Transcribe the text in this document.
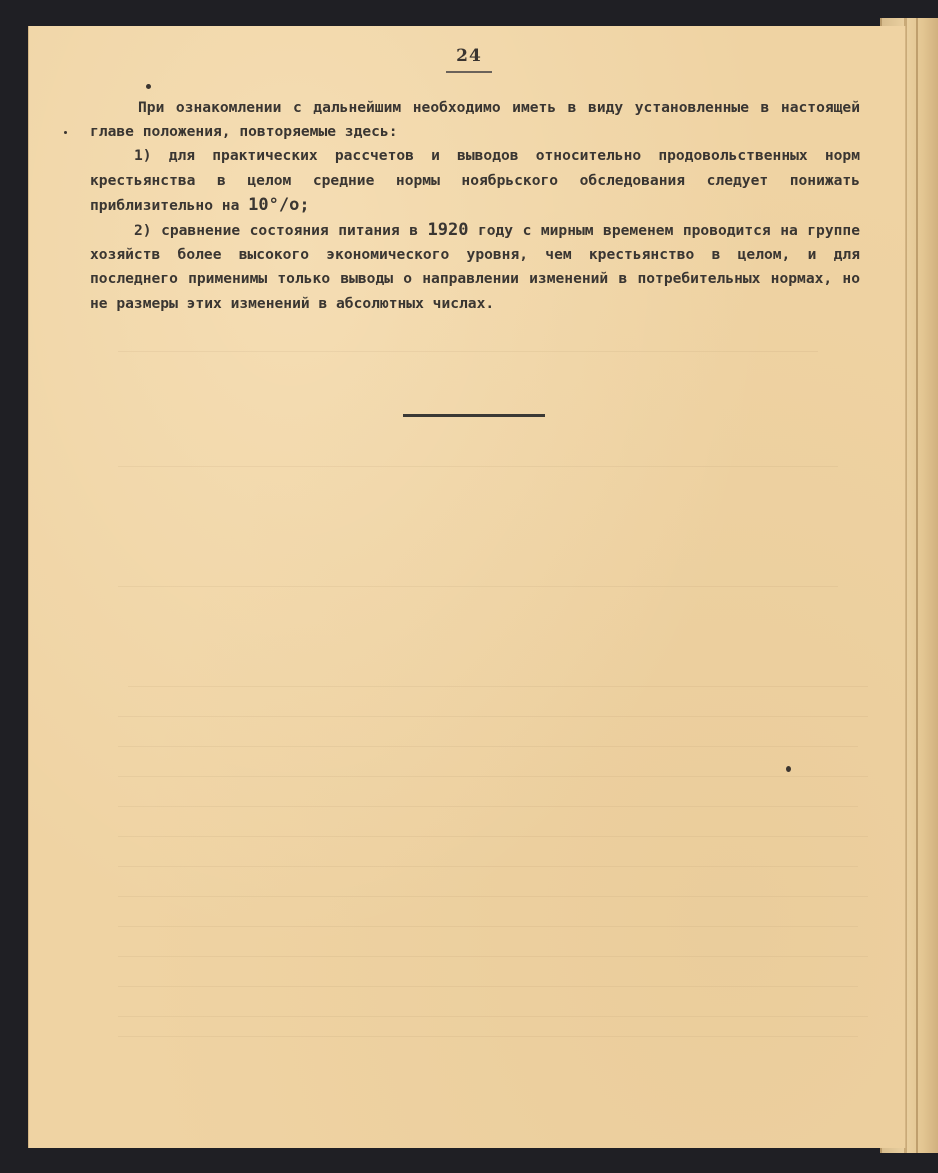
24

При ознакомлении с дальнейшим необходимо иметь в виду установленные в настоящей главе положения, повторяемые здесь:

1) для практических рассчетов и выводов относительно продовольственных норм крестьянства в целом средние нормы ноябрьского обследования следует понижать приблизительно на 10°/о;

2) сравнение состояния питания в 1920 году с мирным временем проводится на группе хозяйств более высокого экономического уровня, чем крестьянство в целом, и для последнего применимы только выводы о направлении изменений в потребительных нормах, но не размеры этих изменений в абсолютных числах.
